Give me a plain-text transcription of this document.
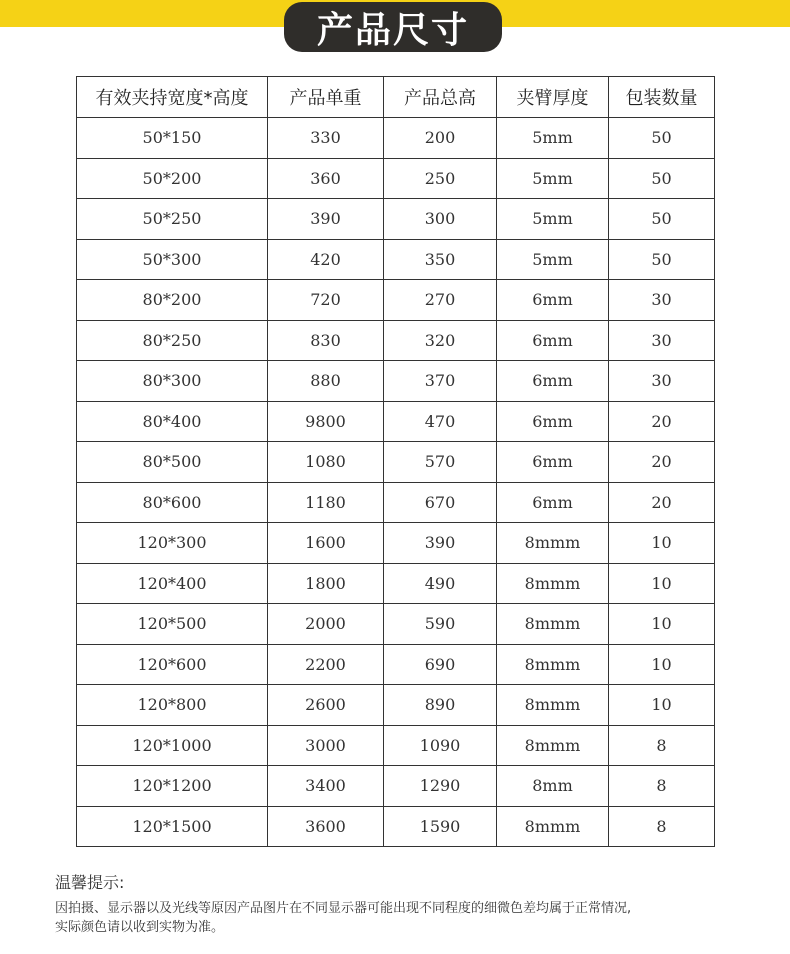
产品尺寸
有效夹持宽度*高度	产品单重	产品总高	夹臂厚度	包装数量
50*150	330	200	5mm	50
50*200	360	250	5mm	50
50*250	390	300	5mm	50
50*300	420	350	5mm	50
80*200	720	270	6mm	30
80*250	830	320	6mm	30
80*300	880	370	6mm	30
80*400	9800	470	6mm	20
80*500	1080	570	6mm	20
80*600	1180	670	6mm	20
120*300	1600	390	8mmm	10
120*400	1800	490	8mmm	10
120*500	2000	590	8mmm	10
120*600	2200	690	8mmm	10
120*800	2600	890	8mmm	10
120*1000	3000	1090	8mmm	8
120*1200	3400	1290	8mm	8
120*1500	3600	1590	8mmm	8
温馨提示:
因拍摄、显示器以及光线等原因产品图片在不同显示器可能出现不同程度的细微色差均属于正常情况,
实际颜色请以收到实物为准。
